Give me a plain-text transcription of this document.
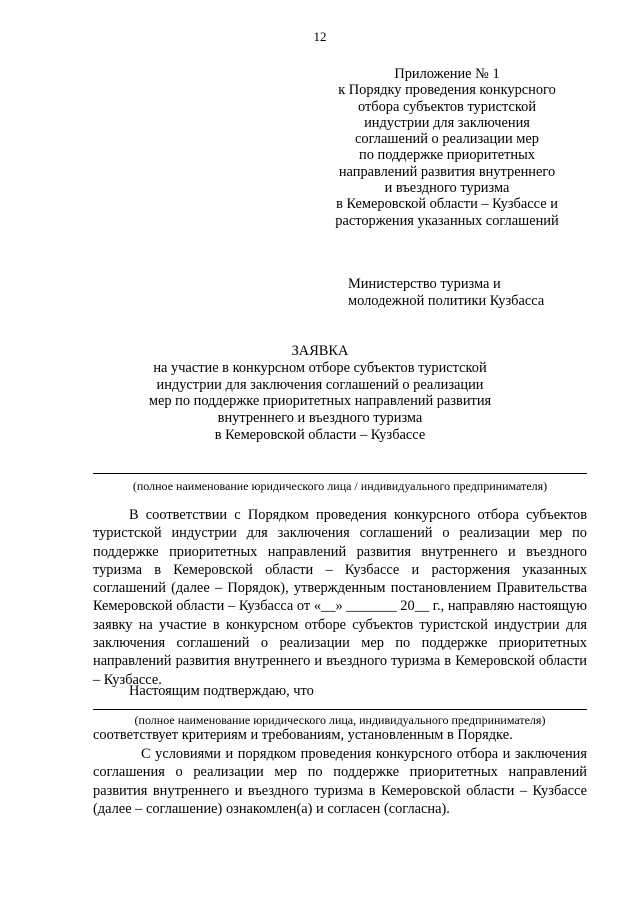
12
Приложение № 1
к Порядку проведения конкурсного
отбора субъектов туристской
индустрии для заключения
соглашений о реализации мер
по поддержке приоритетных
направлений развития внутреннего
и въездного туризма
в Кемеровской области – Кузбассе и
расторжения указанных соглашений
Министерство туризма и
молодежной политики Кузбасса
ЗАЯВКА
на участие в конкурсном отборе субъектов туристской
индустрии для заключения соглашений о реализации
мер по поддержке приоритетных направлений развития
внутреннего и въездного туризма
в Кемеровской области – Кузбассе
(полное наименование юридического лица / индивидуального предпринимателя)
В соответствии с Порядком проведения конкурсного отбора субъектов туристской индустрии для заключения соглашений о реализации мер по поддержке приоритетных направлений развития внутреннего и въездного туризма в Кемеровской области – Кузбассе и расторжения указанных соглашений (далее – Порядок), утвержденным постановлением Правительства Кемеровской области – Кузбасса от «__» _______ 20__ г., направляю настоящую заявку на участие в конкурсном отборе субъектов туристской индустрии для заключения соглашений о реализации мер по поддержке приоритетных направлений развития внутреннего и въездного туризма в Кемеровской области – Кузбассе.
Настоящим подтверждаю, что
(полное наименование юридического лица, индивидуального предпринимателя)
соответствует критериям и требованиям, установленным в Порядке.
С условиями и порядком проведения конкурсного отбора и заключения соглашения о реализации мер по поддержке приоритетных направлений развития внутреннего и въездного туризма в Кемеровской области – Кузбассе (далее – соглашение) ознакомлен(а) и согласен (согласна).
